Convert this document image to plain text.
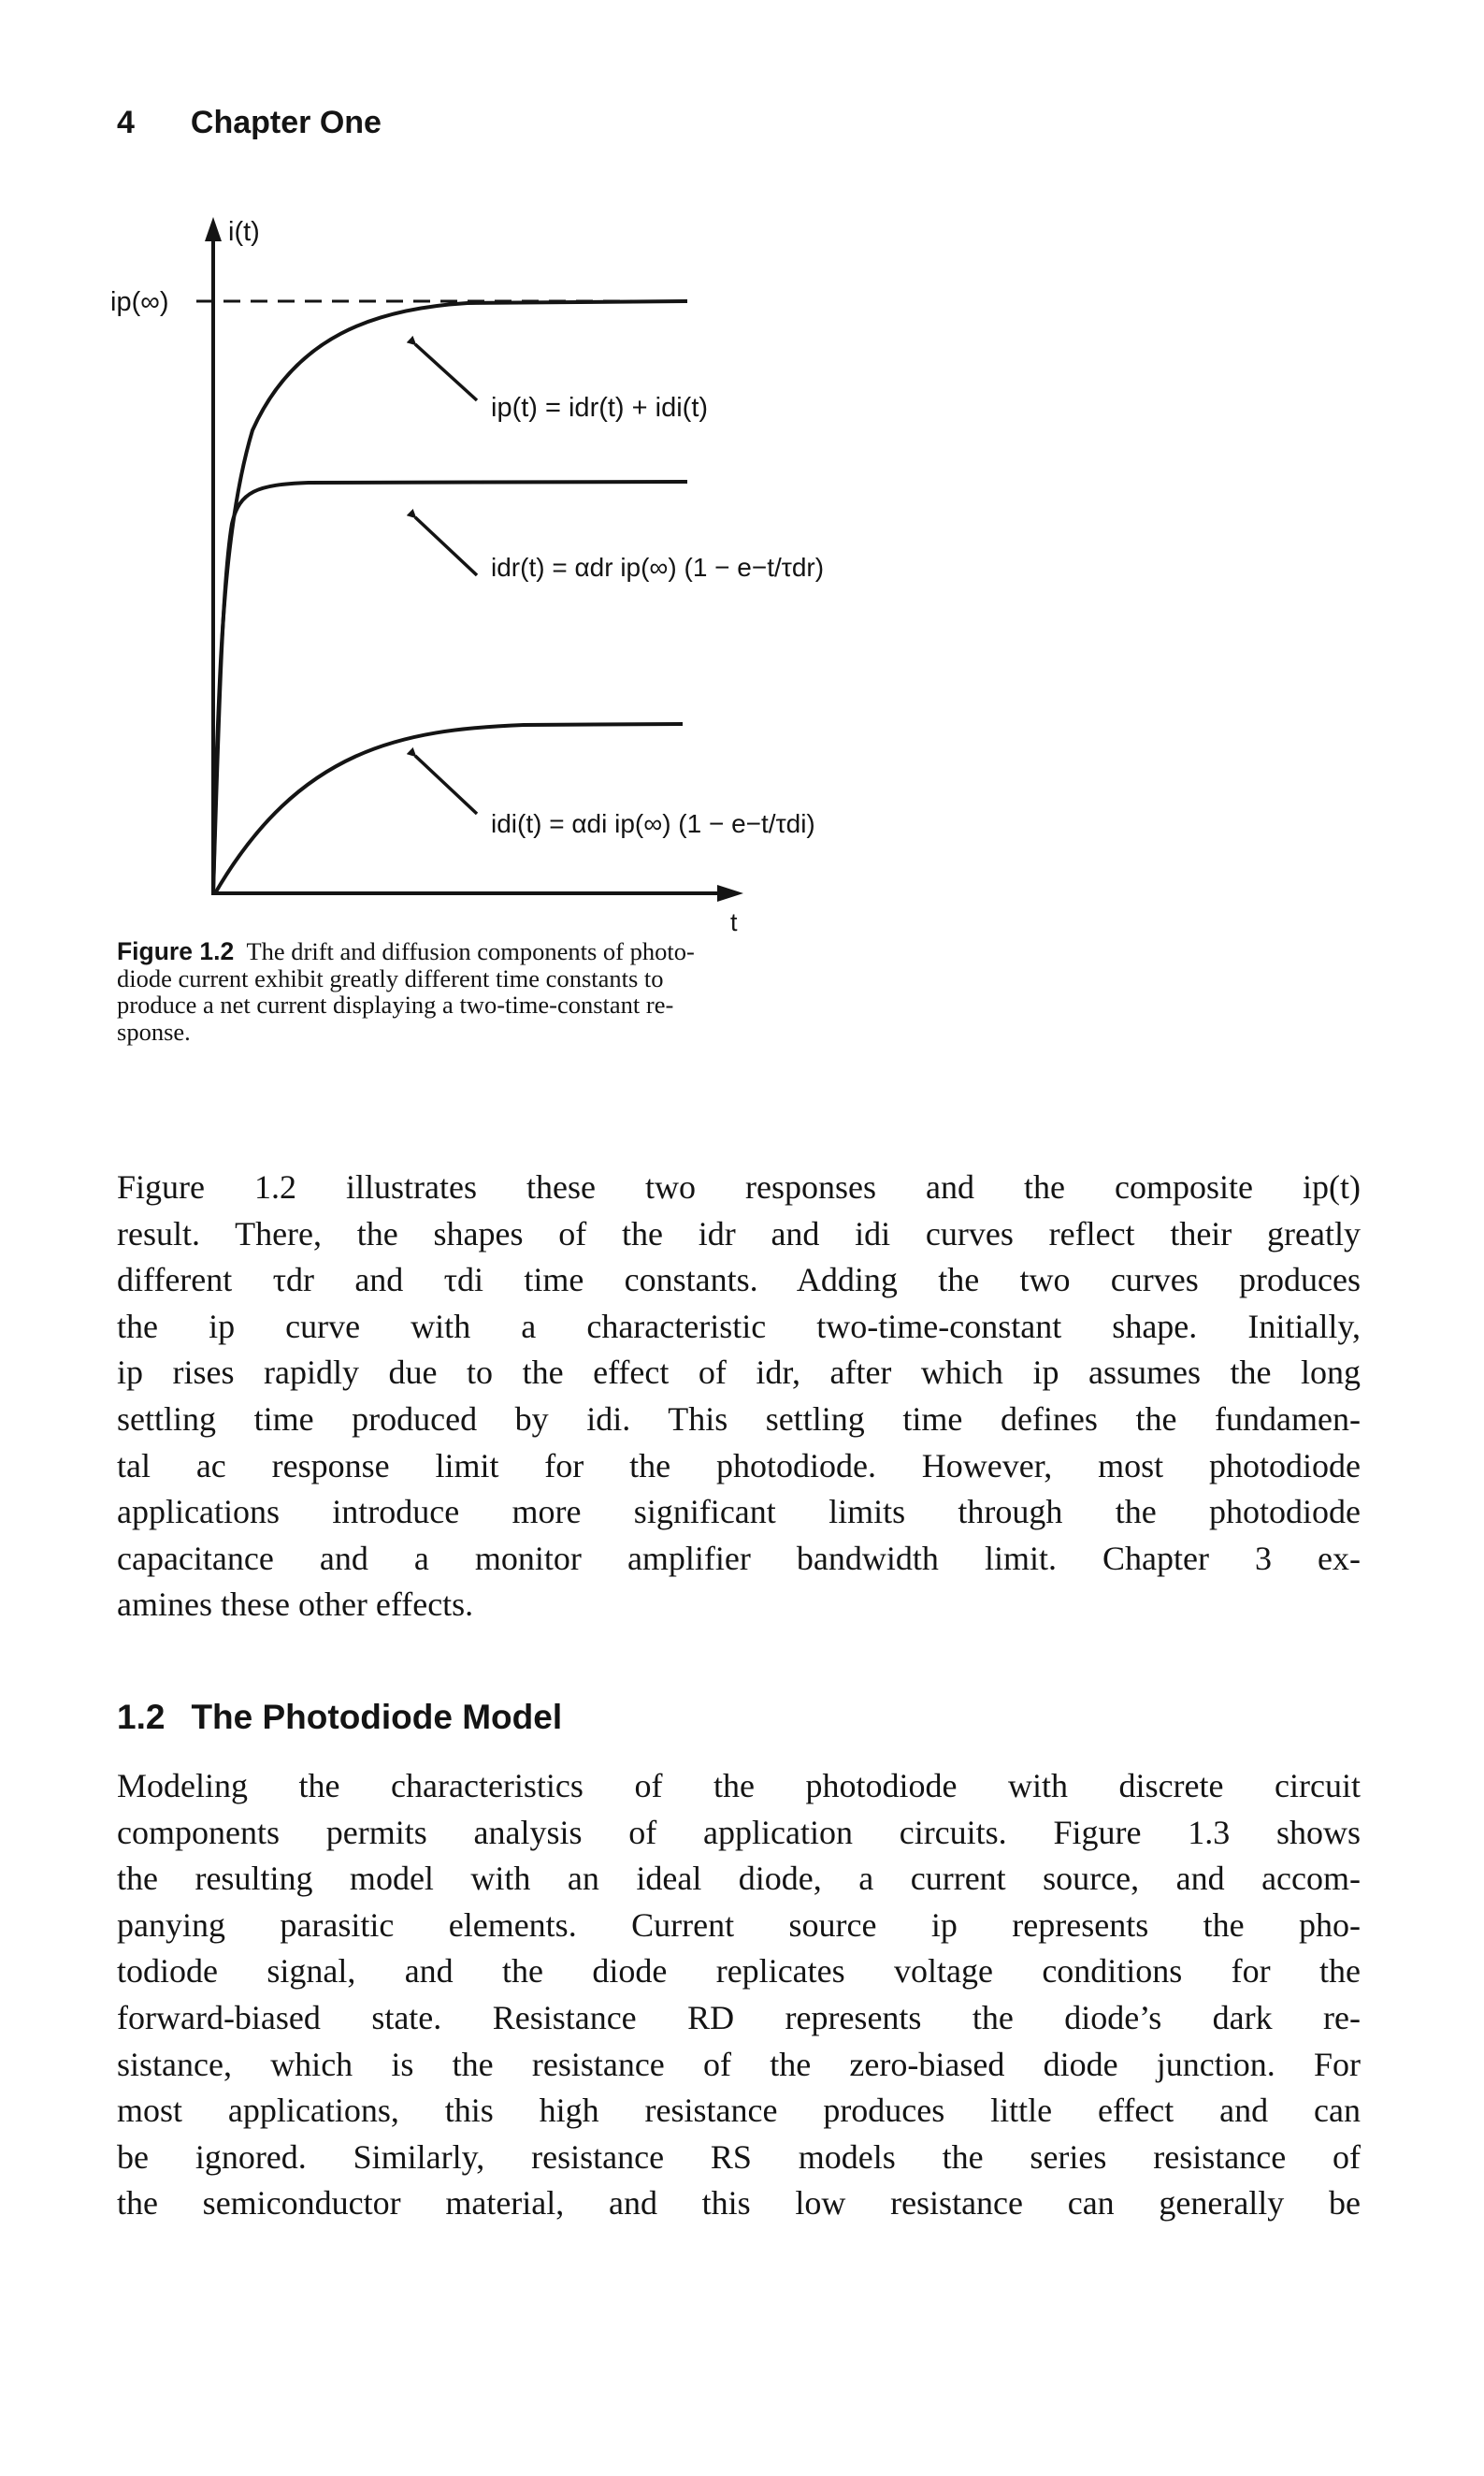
4 Chapter One
i(t)
t
ip(∞)
ip(t) = idr(t) + idi(t)
idr(t) = αdr ip(∞) (1 − e−t/τdr)
idi(t) = αdi ip(∞) (1 − e−t/τdi)
Figure 1.2 The drift and diffusion components of photo-
diode current exhibit greatly different time constants to
produce a net current displaying a two-time-constant re-
sponse.
Figure 1.2 illustrates these two responses and the composite ip(t)
result. There, the shapes of the idr and idi curves reflect their greatly
different τdr and τdi time constants. Adding the two curves produces
the ip curve with a characteristic two-time-constant shape. Initially,
ip rises rapidly due to the effect of idr, after which ip assumes the long
settling time produced by idi. This settling time defines the fundamen-
tal ac response limit for the photodiode. However, most photodiode
applications introduce more significant limits through the photodiode
capacitance and a monitor amplifier bandwidth limit. Chapter 3 ex-
amines these other effects.
1.2 The Photodiode Model
Modeling the characteristics of the photodiode with discrete circuit
components permits analysis of application circuits. Figure 1.3 shows
the resulting model with an ideal diode, a current source, and accom-
panying parasitic elements. Current source ip represents the pho-
todiode signal, and the diode replicates voltage conditions for the
forward-biased state. Resistance RD represents the diode’s dark re-
sistance, which is the resistance of the zero-biased diode junction. For
most applications, this high resistance produces little effect and can
be ignored. Similarly, resistance RS models the series resistance of
the semiconductor material, and this low resistance can generally be
